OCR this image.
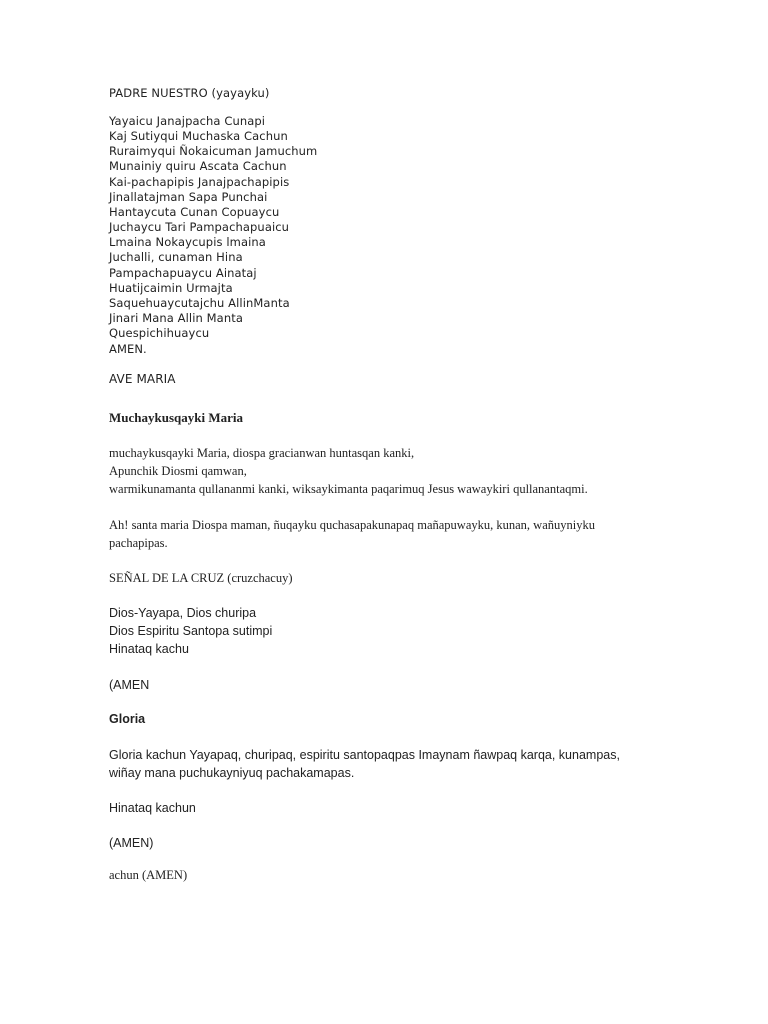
PADRE NUESTRO (yayayku)
Yayaicu Janajpacha Cunapi
Kaj Sutiyqui Muchaska Cachun
Ruraimyqui Ñokaicuman Jamuchum
Munainiy quiru Ascata Cachun
Kai-pachapipis Janajpachapipis
Jinallatajman Sapa Punchai
Hantaycuta Cunan Copuaycu
Juchaycu Tari Pampachapuaicu
Lmaina Nokaycupis lmaina
Juchalli, cunaman Hina
Pampachapuaycu Ainataj
Huatijcaimin Urmajta
Saquehuaycutajchu AllinManta
Jinari Mana Allin Manta
Quespichihuaycu
AMEN.
AVE MARIA
Muchaykusqayki Maria
muchaykusqayki Maria, diospa gracianwan huntasqan kanki,
Apunchik Diosmi qamwan,
warmikunamanta qullananmi kanki, wiksaykimanta paqarimuq Jesus wawaykiri qullanantaqmi.
Ah! santa maria Diospa maman, ñuqayku quchasapakunapaq mañapuwayku, kunan, wañuyniyku
pachapipas.
SEÑAL DE LA CRUZ (cruzchacuy)
Dios-Yayapa, Dios churipa
Dios Espiritu Santopa sutimpi
Hinataq kachu
(AMEN
Gloria
Gloria kachun Yayapaq, churipaq, espiritu santopaqpas Imaynam ñawpaq karqa, kunampas,
wiñay mana puchukayniyuq pachakamapas.
Hinataq kachun
(AMEN)
achun (AMEN)
